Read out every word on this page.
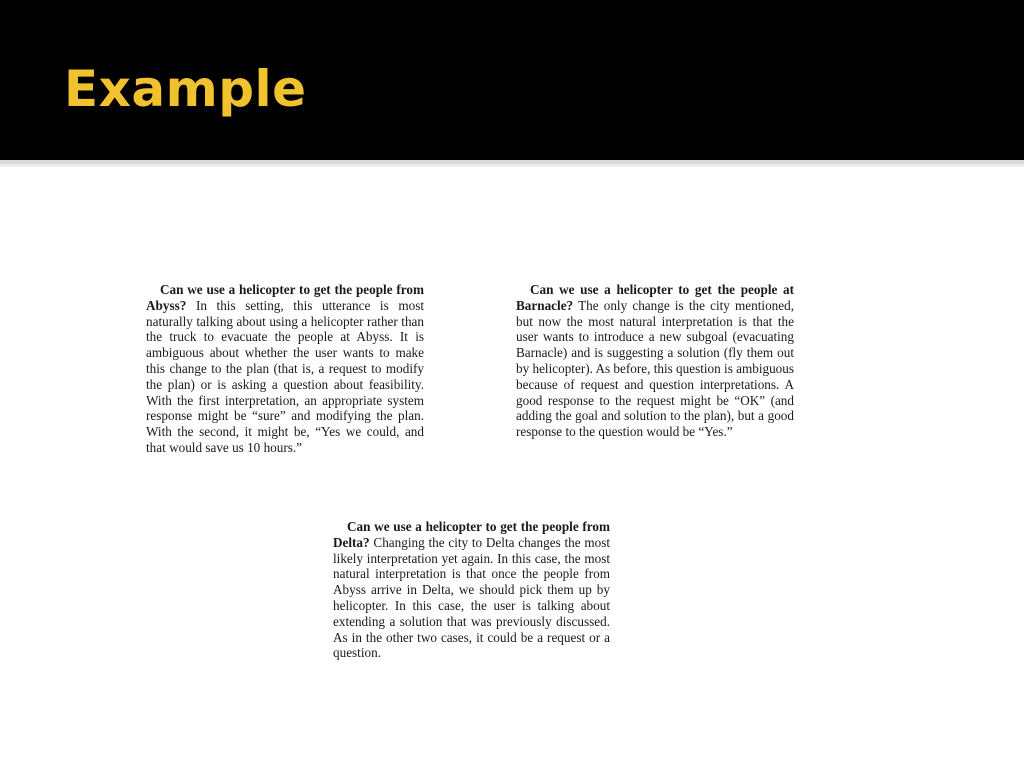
Example

Can we use a helicopter to get the people from Abyss? In this setting, this utterance is most naturally talking about using a helicopter rather than the truck to evacuate the people at Abyss. It is ambiguous about whether the user wants to make this change to the plan (that is, a request to modify the plan) or is asking a question about feasibility. With the first interpretation, an appropriate system response might be “sure” and modifying the plan. With the second, it might be, “Yes we could, and that would save us 10 hours.”

Can we use a helicopter to get the people at Barnacle? The only change is the city mentioned, but now the most natural interpretation is that the user wants to introduce a new subgoal (evacuating Barnacle) and is suggesting a solution (fly them out by helicopter). As before, this question is ambiguous because of request and question interpretations. A good response to the request might be “OK” (and adding the goal and solution to the plan), but a good response to the question would be “Yes.”

Can we use a helicopter to get the people from Delta? Changing the city to Delta changes the most likely interpretation yet again. In this case, the most natural interpretation is that once the people from Abyss arrive in Delta, we should pick them up by helicopter. In this case, the user is talking about extending a solution that was previously discussed. As in the other two cases, it could be a request or a question.
